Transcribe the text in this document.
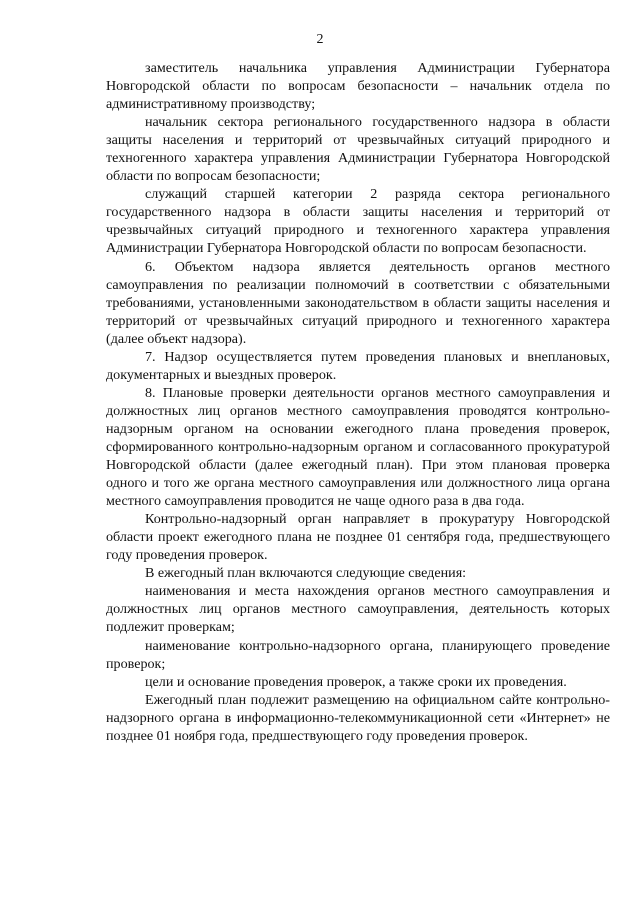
2

заместитель начальника управления Администрации Губернатора Новгородской области по вопросам безопасности – начальник отдела по административному производству;

начальник сектора регионального государственного надзора в области защиты населения и территорий от чрезвычайных ситуаций природного и техногенного характера управления Администрации Губернатора Новгородской области по вопросам безопасности;

служащий старшей категории 2 разряда сектора регионального государственного надзора в области защиты населения и территорий от чрезвычайных ситуаций природного и техногенного характера управления Администрации Губернатора Новгородской области по вопросам безопасности.

6. Объектом надзора является деятельность органов местного самоуправления по реализации полномочий в соответствии с обязательными требованиями, установленными законодательством в области защиты населения и территорий от чрезвычайных ситуаций природного и техногенного характера (далее объект надзора).

7. Надзор осуществляется путем проведения плановых и внеплановых, документарных и выездных проверок.

8. Плановые проверки деятельности органов местного самоуправления и должностных лиц органов местного самоуправления проводятся контрольно-надзорным органом на основании ежегодного плана проведения проверок, сформированного контрольно-надзорным органом и согласованного прокуратурой Новгородской области (далее ежегодный план). При этом плановая проверка одного и того же органа местного самоуправления или должностного лица органа местного самоуправления проводится не чаще одного раза в два года.

Контрольно-надзорный орган направляет в прокуратуру Новгородской области проект ежегодного плана не позднее 01 сентября года, предшествующего году проведения проверок.

В ежегодный план включаются следующие сведения:

наименования и места нахождения органов местного самоуправления и должностных лиц органов местного самоуправления, деятельность которых подлежит проверкам;

наименование контрольно-надзорного органа, планирующего проведение проверок;

цели и основание проведения проверок, а также сроки их проведения.

Ежегодный план подлежит размещению на официальном сайте контрольно-надзорного органа в информационно-телекоммуникационной сети «Интернет» не позднее 01 ноября года, предшествующего году проведения проверок.
